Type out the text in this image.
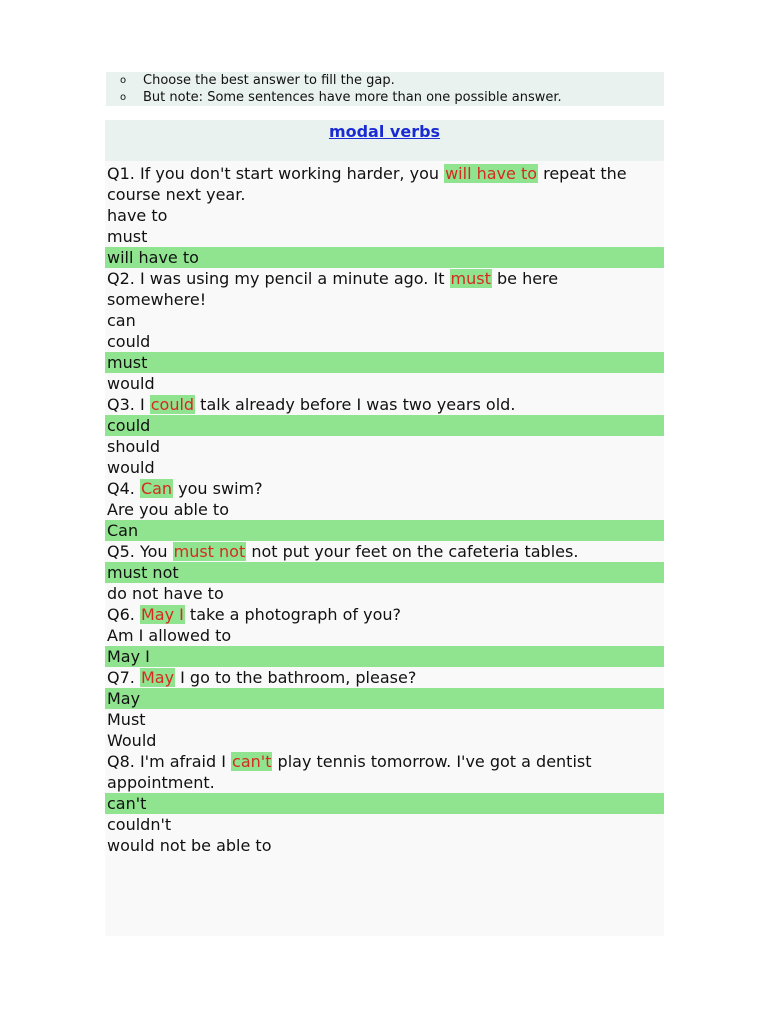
o Choose the best answer to fill the gap.
o But note: Some sentences have more than one possible answer.
modal verbs
Q1. If you don't start working harder, you will have to repeat the
course next year.
have to
must
will have to
Q2. I was using my pencil a minute ago. It must be here
somewhere!
can
could
must
would
Q3. I could talk already before I was two years old.
could
should
would
Q4. Can you swim?
Are you able to
Can
Q5. You must not not put your feet on the cafeteria tables.
must not
do not have to
Q6. May I take a photograph of you?
Am I allowed to
May I
Q7. May I go to the bathroom, please?
May
Must
Would
Q8. I'm afraid I can't play tennis tomorrow. I've got a dentist
appointment.
can't
couldn't
would not be able to
